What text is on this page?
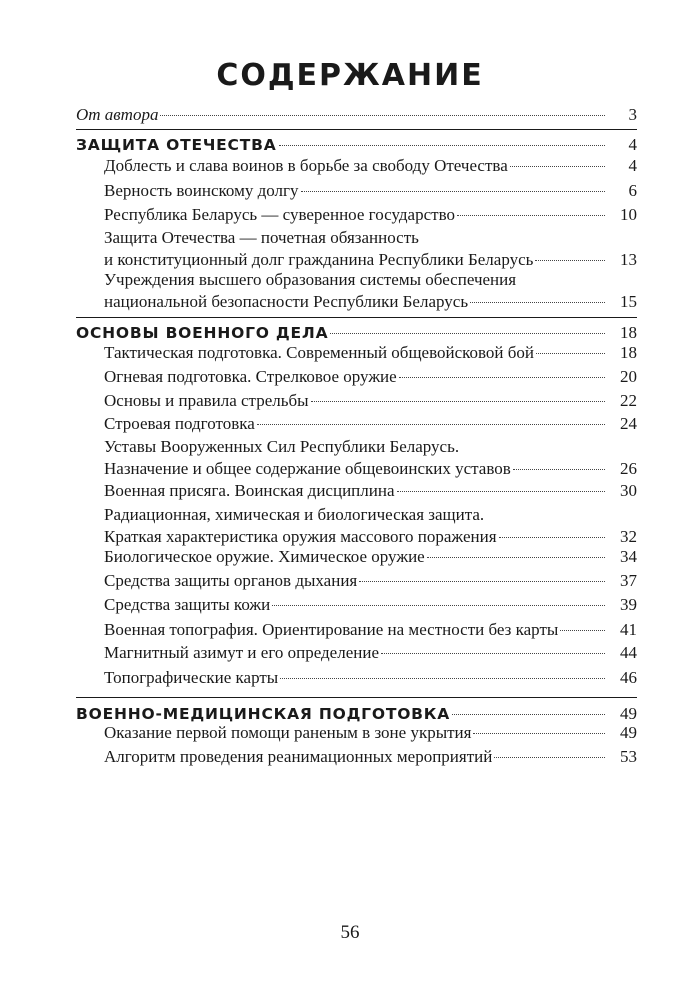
СОДЕРЖАНИЕ
От автора	3
ЗАЩИТА ОТЕЧЕСТВА	4
Доблесть и слава воинов в борьбе за свободу Отечества	4
Верность воинскому долгу	6
Республика Беларусь — суверенное государство	10
Защита Отечества — почетная обязанность
и конституционный долг гражданина Республики Беларусь	13
Учреждения высшего образования системы обеспечения
национальной безопасности Республики Беларусь	15
ОСНОВЫ ВОЕННОГО ДЕЛА	18
Тактическая подготовка. Современный общевойсковой бой	18
Огневая подготовка. Стрелковое оружие	20
Основы и правила стрельбы	22
Строевая подготовка	24
Уставы Вооруженных Сил Республики Беларусь.
Назначение и общее содержание общевоинских уставов	26
Военная присяга. Воинская дисциплина	30
Радиационная, химическая и биологическая защита.
Краткая характеристика оружия массового поражения	32
Биологическое оружие. Химическое оружие	34
Средства защиты органов дыхания	37
Средства защиты кожи	39
Военная топография. Ориентирование на местности без карты	41
Магнитный азимут и его определение	44
Топографические карты	46
ВОЕННО-МЕДИЦИНСКАЯ ПОДГОТОВКА	49
Оказание первой помощи раненым в зоне укрытия	49
Алгоритм проведения реанимационных мероприятий	53
56
